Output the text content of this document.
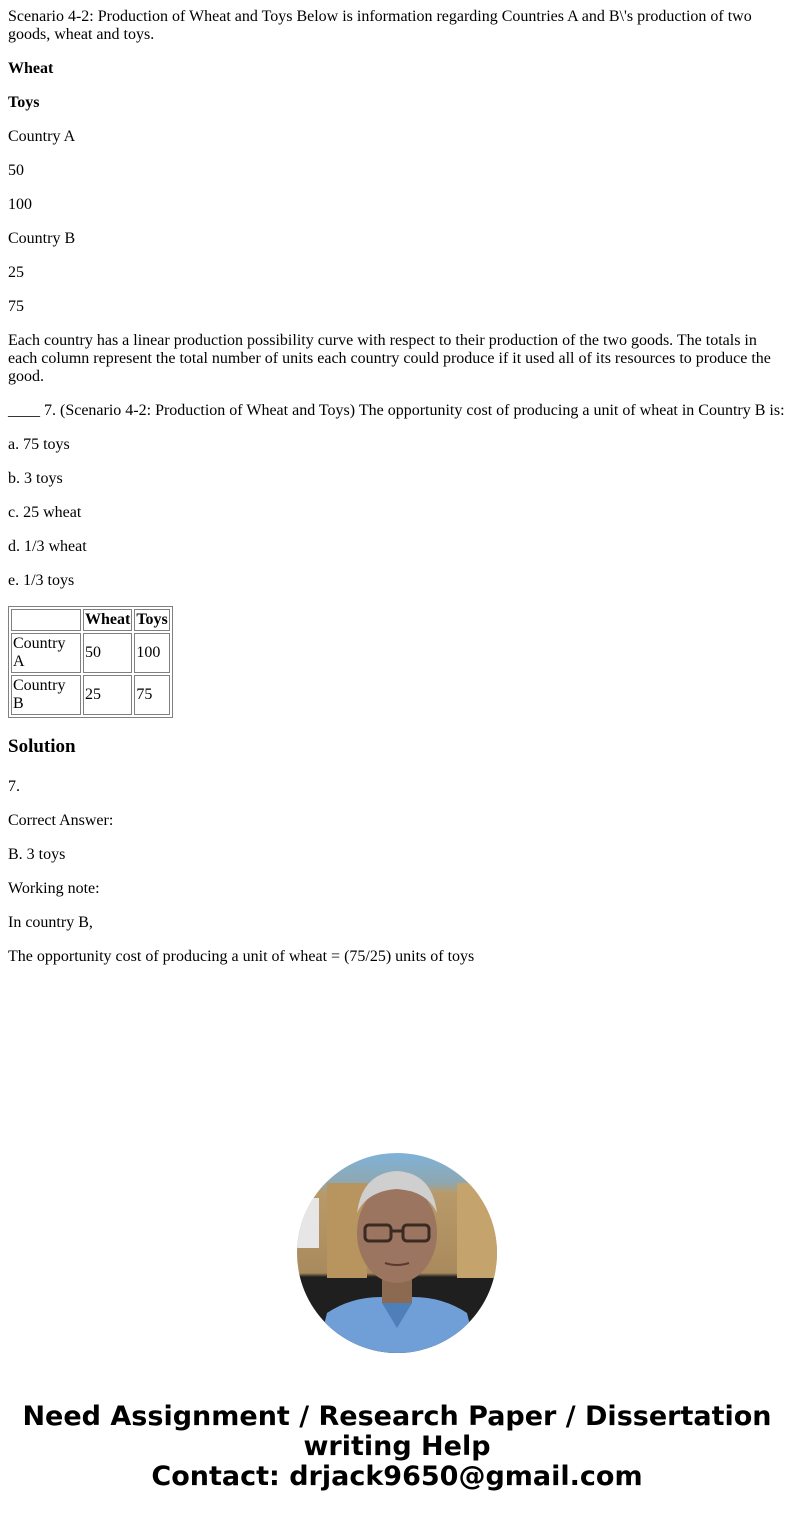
Scenario 4-2: Production of Wheat and Toys Below is information regarding Countries A and B\'s production of two goods, wheat and toys.

Wheat

Toys

Country A

50

100

Country B

25

75

Each country has a linear production possibility curve with respect to their production of the two goods. The totals in each column represent the total number of units each country could produce if it used all of its resources to produce the good.

____ 7. (Scenario 4-2: Production of Wheat and Toys) The opportunity cost of producing a unit of wheat in Country B is:

a. 75 toys

b. 3 toys

c. 25 wheat

d. 1/3 wheat

e. 1/3 toys

	Wheat	Toys
Country A	50	100
Country B	25	75
Solution

7.

Correct Answer:

B. 3 toys

Working note:

In country B,

The opportunity cost of producing a unit of wheat = (75/25) units of toys

Need Assignment / Research Paper / Dissertation
writing Help
Contact: drjack9650@gmail.com
